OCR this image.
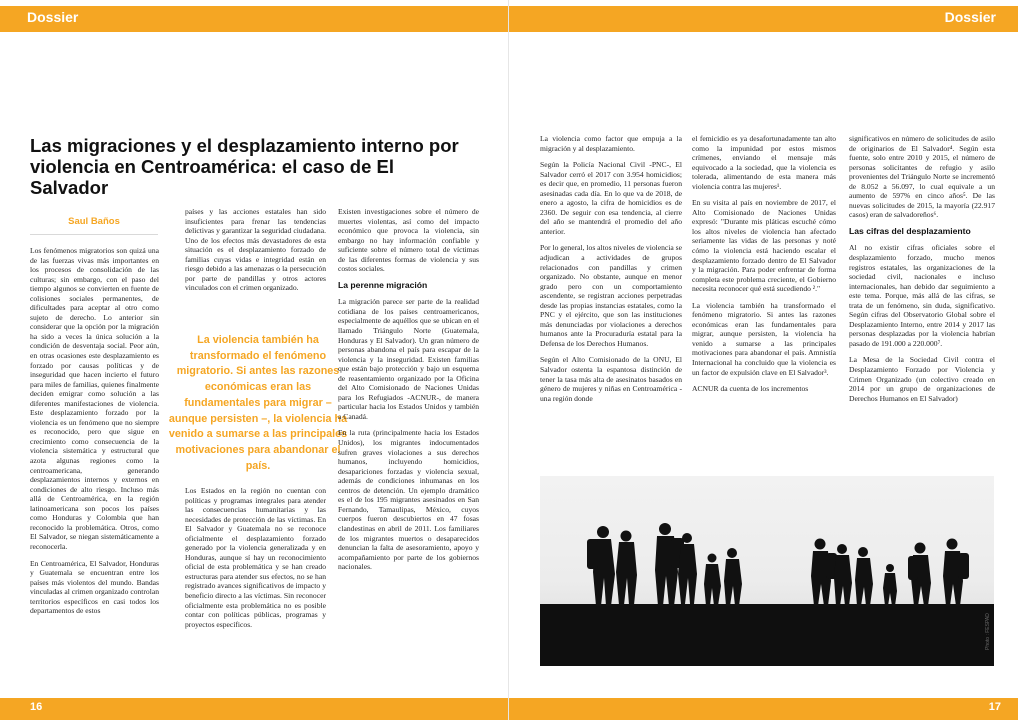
Dossier
Las migraciones y el desplazamiento interno por violencia en Centroamérica: el caso de El Salvador

Saul Baños

Los fenómenos migratorios son quizá una de las fuerzas vivas más importantes en los procesos de consolidación de las culturas; sin embargo, con el paso del tiempo algunos se convierten en fuente de colisiones sociales permanentes, de dificultades para aceptar al otro como sujeto de derecho. Lo anterior sin considerar que la opción por la migración ha sido a veces la única solución a la condición de desventaja social. Peor aún, en otras ocasiones este desplazamiento es forzado por causas políticas y de inseguridad que hacen incierto el futuro para miles de familias, quienes finalmente deciden emigrar como solución a las diferentes manifestaciones de violencia. Este desplazamiento forzado por la violencia es un fenómeno que no siempre es reconocido, pero que sigue en crecimiento como consecuencia de la violencia sistemática y estructural que azota algunas regiones como la centroamericana, generando desplazamientos internos y externos en condiciones de alto riesgo. Incluso más allá de Centroamérica, en la región latinoamericana son pocos los países como Honduras y Colombia que han reconocido la problemática. Otros, como El Salvador, se niegan sistemáticamente a reconocerla.

En Centroamérica, El Salvador, Honduras y Guatemala se encuentran entre los países más violentos del mundo. Bandas vinculadas al crimen organizado controlan territorios específicos en casi todos los departamentos de estos

países y las acciones estatales han sido insuficientes para frenar las tendencias delictivas y garantizar la seguridad ciudadana. Uno de los efectos más devastadores de esta situación es el desplazamiento forzado de familias cuyas vidas e integridad están en riesgo debido a las amenazas o la persecución por parte de pandillas y otros actores vinculados con el crimen organizado.

La violencia también ha transformado el fenómeno migratorio. Si antes las razones económicas eran las fundamentales para migrar – aunque persisten –, la violencia ha venido a sumarse a las principales motivaciones para abandonar el país.

Los Estados en la región no cuentan con políticas y programas integrales para atender las consecuencias humanitarias y las necesidades de protección de las víctimas. En El Salvador y Guatemala no se reconoce oficialmente el desplazamiento forzado generado por la violencia generalizada y en Honduras, aunque sí hay un reconocimiento oficial de esta problemática y se han creado estructuras para atender sus efectos, no se han registrado avances significativos de impacto y beneficio directo a las víctimas. Sin reconocer oficialmente esta problemática no es posible contar con políticas públicas, programas y proyectos específicos.

Existen investigaciones sobre el número de muertes violentas, así como del impacto económico que provoca la violencia, sin embargo no hay información confiable y suficiente sobre el número total de víctimas de las diferentes formas de violencia y sus costos sociales.

La perenne migración

La migración parece ser parte de la realidad cotidiana de los países centroamericanos, especialmente de aquéllos que se ubican en el llamado Triángulo Norte (Guatemala, Honduras y El Salvador). Un gran número de personas abandona el país para escapar de la violencia y la inseguridad. Existen familias que están bajo protección y bajo un esquema de reasentamiento organizado por la Oficina del Alto Comisionado de Naciones Unidas para los Refugiados -ACNUR-, de manera particular hacia los Estados Unidos y también a Canadá.

En la ruta (principalmente hacia los Estados Unidos), los migrantes indocumentados sufren graves violaciones a sus derechos humanos, incluyendo homicidios, desapariciones forzadas y violencia sexual, además de condiciones inhumanas en los centros de detención. Un ejemplo dramático es el de los 195 migrantes asesinados en San Fernando, Tamaulipas, México, cuyos cuerpos fueron descubiertos en 47 fosas clandestinas en abril de 2011. Los familiares de los migrantes muertos o desaparecidos denuncian la falta de asesoramiento, apoyo y acompañamiento por parte de los gobiernos nacionales.

16
Dossier

La violencia como factor que empuja a la migración y al desplazamiento.

Según la Policía Nacional Civil -PNC-, El Salvador cerró el 2017 con 3.954 homicidios; es decir que, en promedio, 11 personas fueron asesinadas cada día. En lo que va de 2018, de enero a agosto, la cifra de homicidios es de 2360. De seguir con esa tendencia, al cierre del año se mantendrá el promedio del año anterior.

Por lo general, los altos niveles de violencia se adjudican a actividades de grupos relacionados con pandillas y crimen organizado. No obstante, aunque en menor grado pero con un comportamiento ascendente, se registran acciones perpetradas desde las propias instancias estatales, como la PNC y el ejército, que son las instituciones más denunciadas por violaciones a derechos humanos ante la Procuraduría estatal para la Defensa de los Derechos Humanos.

Según el Alto Comisionado de la ONU, El Salvador ostenta la espantosa distinción de tener la tasa más alta de asesinatos basados en género de mujeres y niñas en Centroamérica - una región donde

el femicidio es ya desafortunadamente tan alto como la impunidad por estos mismos crímenes, enviando el mensaje más equivocado a la sociedad, que la violencia es tolerada, alimentando de esta manera más violencia contra las mujeres¹.

En su visita al país en noviembre de 2017, el Alto Comisionado de Naciones Unidas expresó: "Durante mis pláticas escuché cómo los altos niveles de violencia han afectado seriamente las vidas de las personas y noté cómo la violencia está haciendo escalar el desplazamiento forzado dentro de El Salvador y la migración. Para poder enfrentar de forma completa este problema creciente, el Gobierno necesita reconocer qué está sucediendo ²."

La violencia también ha transformado el fenómeno migratorio. Si antes las razones económicas eran las fundamentales para migrar, aunque persisten, la violencia ha venido a sumarse a las principales motivaciones para abandonar el país. Amnistía Internacional ha concluido que la violencia es un factor de expulsión clave en El Salvador³.

ACNUR da cuenta de los incrementos

significativos en número de solicitudes de asilo de originarios de El Salvador⁴. Según esta fuente, solo entre 2010 y 2015, el número de personas solicitantes de refugio y asilo provenientes del Triángulo Norte se incrementó de 8.052 a 56.097, lo cual equivale a un aumento de 597% en cinco años⁵. De las nuevas solicitudes de 2015, la mayoría (22.917 casos) eran de salvadoreños⁶.

Las cifras del desplazamiento

Al no existir cifras oficiales sobre el desplazamiento forzado, mucho menos registros estatales, las organizaciones de la sociedad civil, nacionales e incluso internacionales, han debido dar seguimiento a este tema. Porque, más allá de las cifras, se trata de un fenómeno, sin duda, significativo. Según cifras del Observatorio Global sobre el Desplazamiento Interno, entre 2014 y 2017 las personas desplazadas por la violencia habrían pasado de 191.000 a 220.000⁷.

La Mesa de la Sociedad Civil contra el Desplazamiento Forzado por Violencia y Crimen Organizado (un colectivo creado en 2014 por un grupo de organizaciones de Derechos Humanos en El Salvador)

17
Photo : FESPAD
